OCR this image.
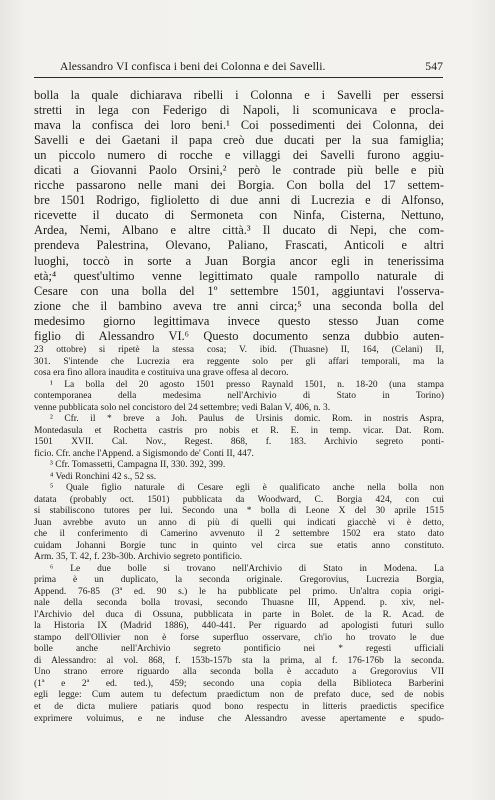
Alessandro VI confisca i beni dei Colonna e dei Savelli.	547
bolla la quale dichiarava ribelli i Colonna e i Savelli per essersi
stretti in lega con Federigo di Napoli, li scomunicava e procla-
mava la confisca dei loro beni.¹ Coi possedimenti dei Colonna, dei
Savelli e dei Gaetani il papa creò due ducati per la sua famiglia;
un piccolo numero di rocche e villaggi dei Savelli furono aggiu-
dicati a Giovanni Paolo Orsini,² però le contrade più belle e più
ricche passarono nelle mani dei Borgia. Con bolla del 17 settem-
bre 1501 Rodrigo, figlioletto di due anni di Lucrezia e di Alfonso,
ricevette il ducato di Sermoneta con Ninfa, Cisterna, Nettuno,
Ardea, Nemi, Albano e altre città.³ Il ducato di Nepi, che com-
prendeva Palestrina, Olevano, Paliano, Frascati, Anticoli e altri
luoghi, toccò in sorte a Juan Borgia ancor egli in tenerissima
età;⁴ quest'ultimo venne legittimato quale rampollo naturale di
Cesare con una bolla del 1º settembre 1501, aggiuntavi l'osserva-
zione che il bambino aveva tre anni circa;⁵ una seconda bolla del
medesimo giorno legittimava invece questo stesso Juan come
figlio di Alessandro VI.⁶ Questo documento senza dubbio auten-
23 ottobre) si ripetè la stessa cosa; V. ibid. (Thuasne) II, 164, (Celani) II,
301. S'intende che Lucrezia era reggente solo per gli affari temporali, ma la
cosa era fino allora inaudita e costituiva una grave offesa al decoro.
¹ La bolla del 20 agosto 1501 presso Raynald 1501, n. 18-20 (una stampa
contemporanea della medesima nell'Archivio di Stato in Torino)
venne pubblicata solo nel concistoro del 24 settembre; vedi Balan V, 406, n. 3.
² Cfr. il * breve a Joh. Paulus de Ursinis domic. Rom. in nostris Aspra,
Montedasula et Rochetta castris pro nobis et R. E. in temp. vicar. Dat. Rom.
1501 XVII. Cal. Nov., Regest. 868, f. 183. Archivio segreto ponti-
ficio. Cfr. anche l'Append. a Sigismondo de' Conti II, 447.
³ Cfr. Tomassetti, Campagna II, 330. 392, 399.
⁴ Vedi Ronchini 42 s., 52 ss.
⁵ Quale figlio naturale di Cesare egli è qualificato anche nella bolla non
datata (probably oct. 1501) pubblicata da Woodward, C. Borgia 424, con cui
si stabiliscono tutores per lui. Secondo una * bolla di Leone X del 30 aprile 1515
Juan avrebbe avuto un anno di più di quelli qui indicati giacchè vi è detto,
che il conferimento di Camerino avvenuto il 2 settembre 1502 era stato dato
cuidam Johanni Borgie tunc in quinto vel circa sue etatis anno constituto.
Arm. 35, T. 42, f. 23b-30b. Archivio segreto pontificio.
⁶ Le due bolle si trovano nell'Archivio di Stato in Modena. La
prima è un duplicato, la seconda originale. Gregorovius, Lucrezia Borgia,
Append. 76-85 (3ª ed. 90 s.) le ha pubblicate pel primo. Un'altra copia origi-
nale della seconda bolla trovasi, secondo Thuasne III, Append. p. xiv, nel-
l'Archivio del duca di Ossuna, pubblicata in parte in Bolet. de la R. Acad. de
la Historia IX (Madrid 1886), 440-441. Per riguardo ad apologisti futuri sullo
stampo dell'Ollivier non è forse superfluo osservare, ch'io ho trovato le due
bolle anche nell'Archivio segreto pontificio nei * regesti ufficiali
di Alessandro: al vol. 868, f. 153b-157b sta la prima, al f. 176-176b la seconda.
Uno strano errore riguardo alla seconda bolla è accaduto a Gregorovius VII
(1ª e 2ª ed. ted.), 459; secondo una copia della Biblioteca Barberini
egli legge: Cum autem tu defectum praedictum non de prefato duce, sed de nobis
et de dicta muliere patiaris quod bono respectu in litteris praedictis specifice
exprimere voluimus, e ne induse che Alessandro avesse apertamente e spudo-
